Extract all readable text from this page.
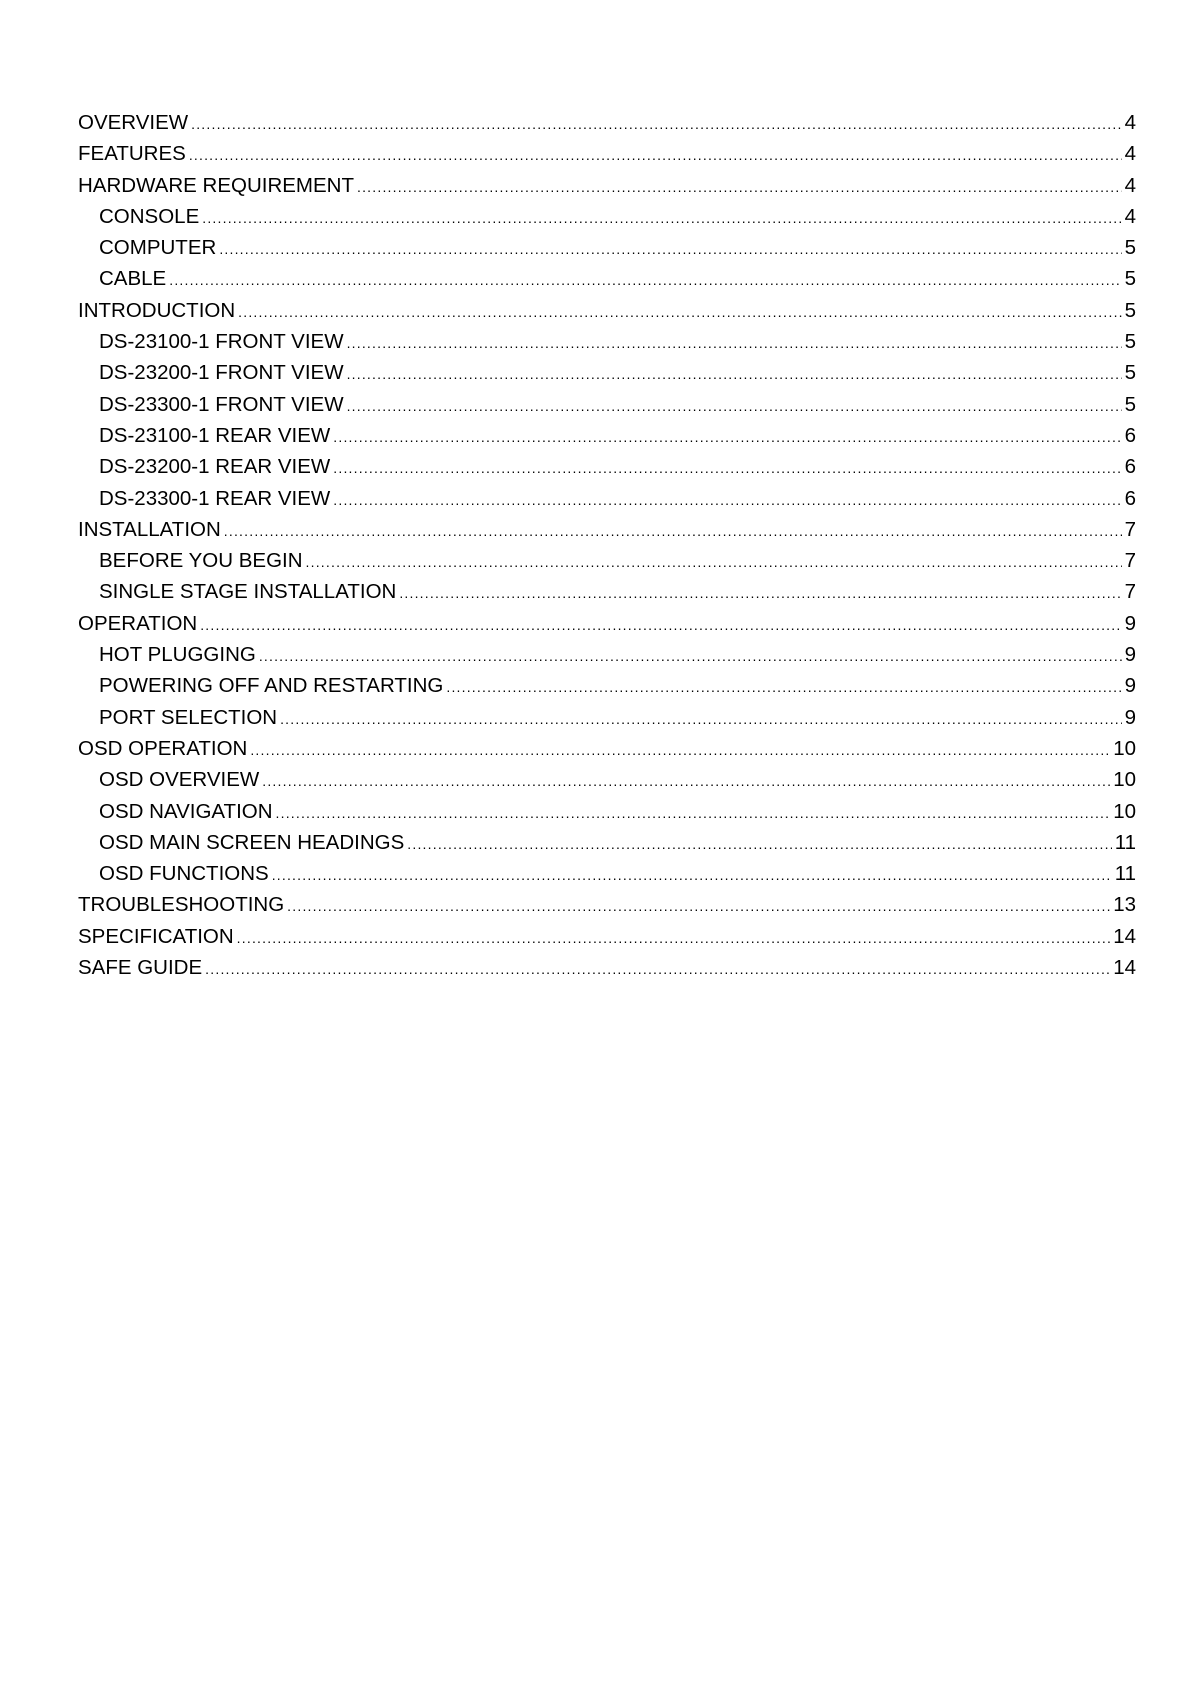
OVERVIEW .....	4
FEATURES .....	4
HARDWARE REQUIREMENT .....	4
CONSOLE .....	4
COMPUTER .....	5
CABLE .....	5
INTRODUCTION .....	5
DS-23100-1 FRONT VIEW .....	5
DS-23200-1 FRONT VIEW .....	5
DS-23300-1 FRONT VIEW .....	5
DS-23100-1 REAR VIEW .....	6
DS-23200-1 REAR VIEW .....	6
DS-23300-1 REAR VIEW .....	6
INSTALLATION .....	7
BEFORE YOU BEGIN .....	7
SINGLE STAGE INSTALLATION .....	7
OPERATION .....	9
HOT PLUGGING .....	9
POWERING OFF AND RESTARTING .....	9
PORT SELECTION .....	9
OSD OPERATION .....	10
OSD OVERVIEW .....	10
OSD NAVIGATION .....	10
OSD MAIN SCREEN HEADINGS .....	11
OSD FUNCTIONS .....	11
TROUBLESHOOTING .....	13
SPECIFICATION .....	14
SAFE GUIDE .....	14
